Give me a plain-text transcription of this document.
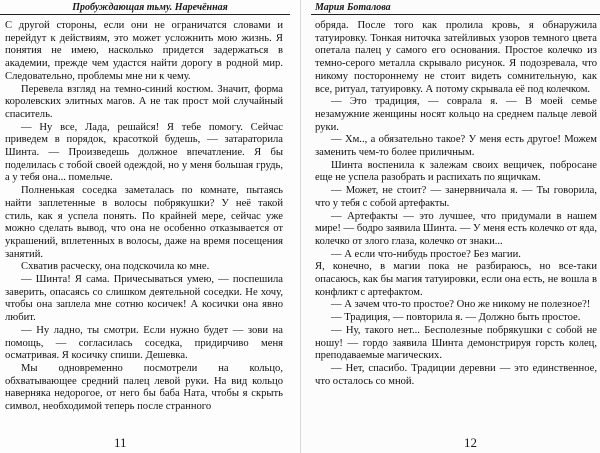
Пробуждающая тьму. Наречённая

С другой стороны, если они не ограничатся словами и перейдут к действиям, это может усложнить мою жизнь. Я понятия не имею, насколько придется задержаться в академии, прежде чем удастся найти дорогу в родной мир. Следовательно, проблемы мне ни к чему.

Перевела взгляд на темно-синий костюм. Значит, форма королевских элитных магов. А не так прост мой случайный спаситель.

— Ну все, Лада, решайся! Я тебе помогу. Сейчас приведем в порядок, красоткой будешь, — затараторила Шинта. — Произведешь должное впечатление. Я бы поделилась с тобой своей одеждой, но у меня большая грудь, а у тебя она... помельче.

Полненькая соседка заметалась по комнате, пытаясь найти заплетенные в волосы побрякушки? У неё такой стиль, как я успела понять. По крайней мере, сейчас уже можно сделать вывод, что она не особенно отказывается от украшений, вплетенных в волосы, даже на время посещения занятий.

Схватив расческу, она подскочила ко мне.

— Шинта! Я сама. Причесываться умею, — поспешила заверить, опасаясь со слишком деятельной соседки. Не хочу, чтобы она заплела мне сотню косичек! А косички она явно любит.

— Ну ладно, ты смотри. Если нужно будет — зови на помощь, — согласилась соседка, придирчиво меня осматривая. Я косичку спиши. Дешевка.

Мы одновременно посмотрели на кольцо, обхватывающее средний палец левой руки. На вид кольцо наверняка недорогое, от него бы баба Ната, чтобы я скрыть символ, необходимой теперь после странного

11
Мария Боталова

обряда. После того как пролила кровь, я обнаружила татуировку. Тонкая ниточка затейливых узоров темного цвета опетала палец у самого его основания. Простое колечко из темно-серого металла скрывало рисунок. Я подозревала, что никому постороннему не стоит видеть сомнительную, как все, ритуал, татуировку. А потому скрывала её под колечком.

— Это традиция, — соврала я. — В моей семье незамужние женщины носят кольцо на среднем пальце левой руки.

— Хм.., а обязательно такое? У меня есть другое! Можем заменить чем-то более приличным.

Шинта воспенила к залежам своих вещичек, побросане еще не успела разобрать и распихать по ящичкам.

— Может, не стоит? — занервничала я. — Ты говорила, что у тебя с собой артефакты.

— Артефакты — это лучшее, что придумали в нашем мире! — бодро заявила Шинта. — У меня есть колечко от яда, колечко от злого глаза, колечко от знаки...

— А если что-нибудь простое? Без магии.

Я, конечно, в магии пока не разбираюсь, но все-таки опасаюсь, как бы магия татуировки, если она есть, не вошла в конфликт с артефактом.

— А зачем что-то простое? Оно же никому не полезное?!

— Традиция, — повторила я. — Должно быть простое.

— Ну, такого нет... Бесполезные побрякушки с собой не ношу! — гордо заявила Шинта демонстрируя горсть колец, преподаваемые магических.

— Нет, спасибо. Традиции деревни — это единственное, что осталось со мной.

12
